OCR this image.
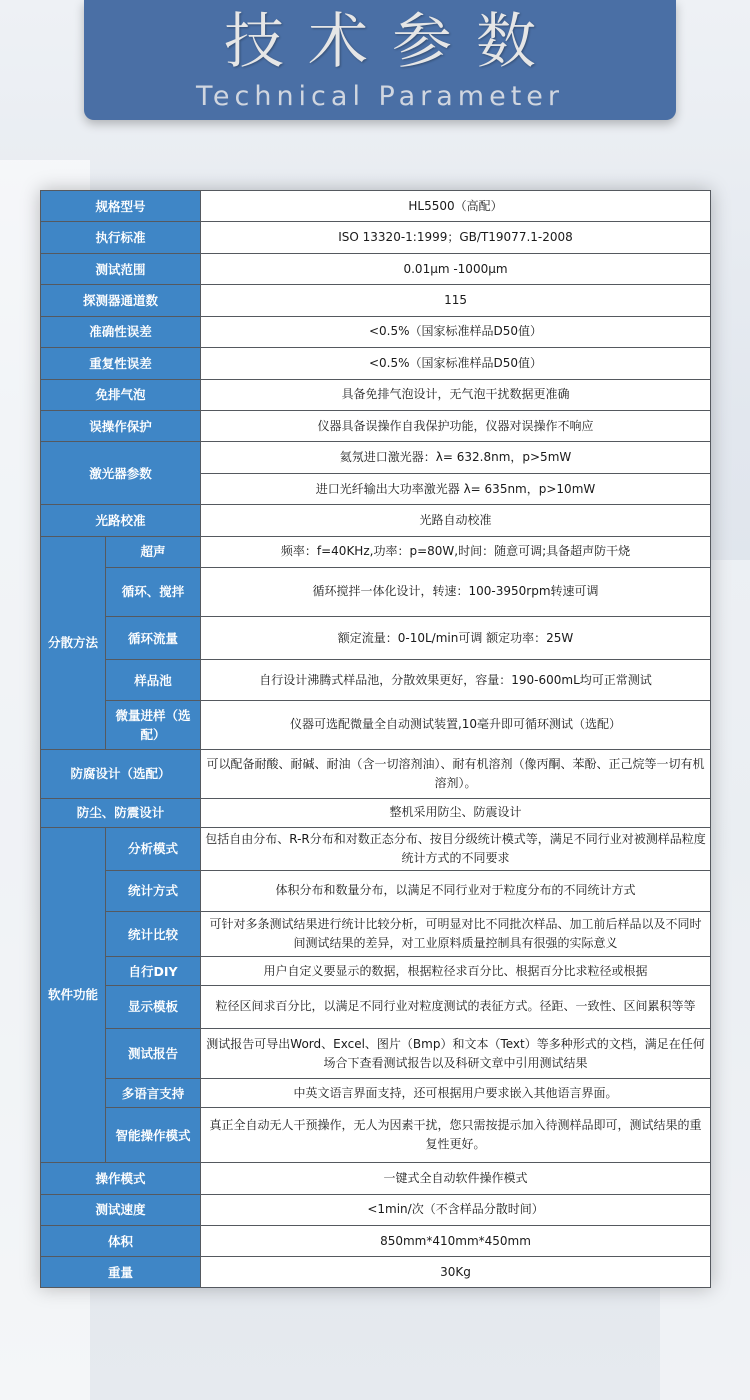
技术参数
Technical Parameter
规格型号		HL5500（高配）
执行标准		ISO 13320-1:1999；GB/T19077.1-2008
测试范围		0.01μm -1000μm
探测器通道数		115
准确性误差		<0.5%（国家标准样品D50值）
重复性误差		<0.5%（国家标准样品D50值）
免排气泡		具备免排气泡设计，无气泡干扰数据更准确
误操作保护		仪器具备误操作自我保护功能，仪器对误操作不响应
激光器参数		氦氖进口激光器：λ= 632.8nm，p>5mW
		进口光纤输出大功率激光器 λ= 635nm，p>10mW
光路校准		光路自动校准
分散方法	超声	频率：f=40KHz,功率：p=80W,时间：随意可调;具备超声防干烧
	循环、搅拌	循环搅拌一体化设计，转速：100-3950rpm转速可调
	循环流量	额定流量：0-10L/min可调 额定功率：25W
	样品池	自行设计沸腾式样品池，分散效果更好，容量：190-600mL均可正常测试
	微量进样（选配）	仪器可选配微量全自动测试装置,10毫升即可循环测试（选配）
防腐设计（选配）		可以配备耐酸、耐碱、耐油（含一切溶剂油）、耐有机溶剂（像丙酮、苯酚、正己烷等一切有机溶剂）。
防尘、防震设计		整机采用防尘、防震设计
软件功能	分析模式	包括自由分布、R-R分布和对数正态分布、按目分级统计模式等，满足不同行业对被测样品粒度统计方式的不同要求
	统计方式	体积分布和数量分布，以满足不同行业对于粒度分布的不同统计方式
	统计比较	可针对多条测试结果进行统计比较分析，可明显对比不同批次样品、加工前后样品以及不同时间测试结果的差异，对工业原料质量控制具有很强的实际意义
	自行DIY	用户自定义要显示的数据，根据粒径求百分比、根据百分比求粒径或根据
	显示模板	粒径区间求百分比，以满足不同行业对粒度测试的表征方式。径距、一致性、区间累积等等
	测试报告	测试报告可导出Word、Excel、图片（Bmp）和文本（Text）等多种形式的文档，满足在任何场合下查看测试报告以及科研文章中引用测试结果
	多语言支持	中英文语言界面支持，还可根据用户要求嵌入其他语言界面。
	智能操作模式	真正全自动无人干预操作，无人为因素干扰，您只需按提示加入待测样品即可，测试结果的重复性更好。
操作模式		一键式全自动软件操作模式
测试速度		<1min/次（不含样品分散时间）
体积		850mm*410mm*450mm
重量		30Kg
